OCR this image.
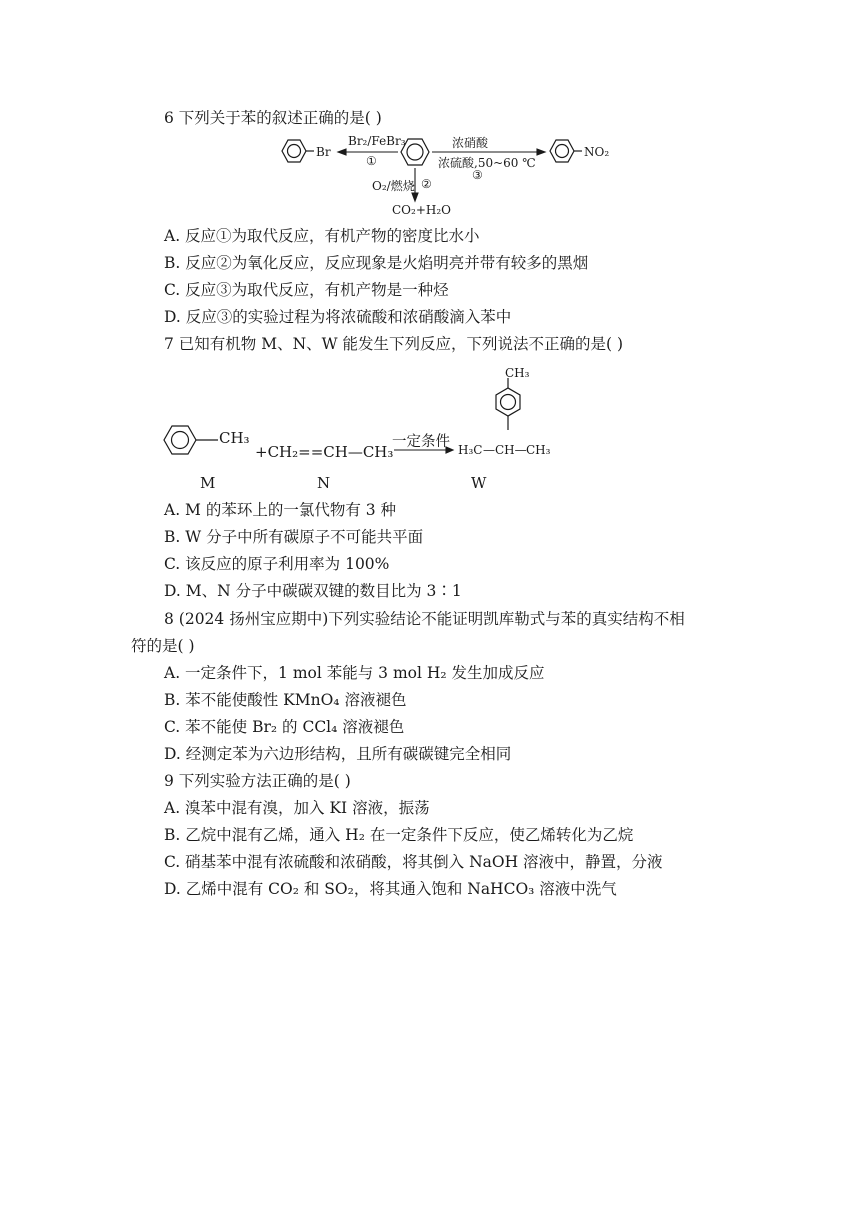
6 下列关于苯的叙述正确的是( )
Br
Br₂/FeBr₃
①
O₂/燃烧 ②
CO₂+H₂O
浓硝酸
浓硫酸,50~60 ℃
③
NO₂
A. 反应①为取代反应，有机产物的密度比水小
B. 反应②为氧化反应，反应现象是火焰明亮并带有较多的黑烟
C. 反应③为取代反应，有机产物是一种烃
D. 反应③的实验过程为将浓硫酸和浓硝酸滴入苯中
7 已知有机物 M、N、W 能发生下列反应，下列说法不正确的是( )
CH₃
+CH₂==CH—CH₃
一定条件
CH₃
H₃C —CH— CH₃
M	N	W
A. M 的苯环上的一氯代物有 3 种
B. W 分子中所有碳原子不可能共平面
C. 该反应的原子利用率为 100%
D. M、N 分子中碳碳双键的数目比为 3∶1
8 (2024 扬州宝应期中)下列实验结论不能证明凯库勒式与苯的真实结构不相
符的是( )
A. 一定条件下，1 mol 苯能与 3 mol H₂ 发生加成反应
B. 苯不能使酸性 KMnO₄ 溶液褪色
C. 苯不能使 Br₂ 的 CCl₄ 溶液褪色
D. 经测定苯为六边形结构，且所有碳碳键完全相同
9 下列实验方法正确的是( )
A. 溴苯中混有溴，加入 KI 溶液，振荡
B. 乙烷中混有乙烯，通入 H₂ 在一定条件下反应，使乙烯转化为乙烷
C. 硝基苯中混有浓硫酸和浓硝酸，将其倒入 NaOH 溶液中，静置，分液
D. 乙烯中混有 CO₂ 和 SO₂，将其通入饱和 NaHCO₃ 溶液中洗气
